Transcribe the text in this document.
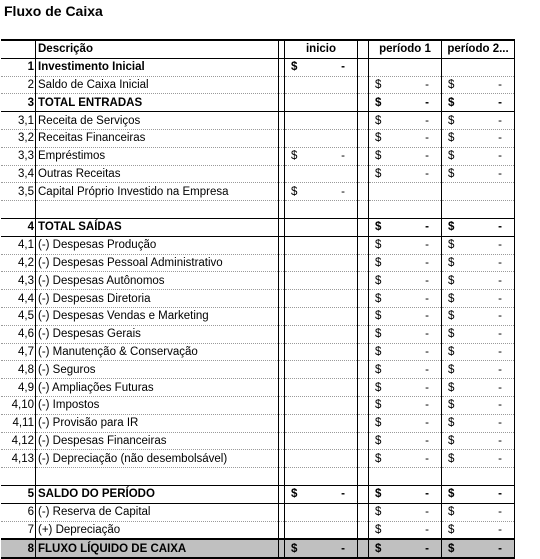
Fluxo de Caixa
	Descrição		inicio		período 1	período 2...
1	Investimento Inicial		$ -			

2	Saldo de Caixa Inicial				$ -	$ -

3	TOTAL ENTRADAS				$ -	$ -

3,1	Receita de Serviços				$ -	$ -

3,2	Receitas Financeiras				$ -	$ -

3,3	Empréstimos		$ -		$ -	$ -

3,4	Outras Receitas				$ -	$ -

3,5	Capital Próprio Investido na Empresa		$ -			

4	TOTAL SAÍDAS				$ -	$ -

4,1	(-) Despesas Produção				$ -	$ -

4,2	(-) Despesas Pessoal Administrativo				$ -	$ -

4,3	(-) Despesas Autônomos				$ -	$ -

4,4	(-) Despesas Diretoria				$ -	$ -

4,5	(-) Despesas Vendas e Marketing				$ -	$ -

4,6	(-) Despesas Gerais				$ -	$ -

4,7	(-) Manutenção & Conservação				$ -	$ -

4,8	(-) Seguros				$ -	$ -

4,9	(-) Ampliações Futuras				$ -	$ -

4,10	(-) Impostos				$ -	$ -

4,11	(-) Provisão para IR				$ -	$ -

4,12	(-) Despesas Financeiras				$ -	$ -

4,13	(-) Depreciação (não desembolsável)				$ -	$ -

5	SALDO DO PERÍODO		$ -		$ -	$ -

6	(-) Reserva de Capital				$ -	$ -

7	(+) Depreciação				$ -	$ -

8	FLUXO LÍQUIDO DE CAIXA		$ -		$ -	$ -
